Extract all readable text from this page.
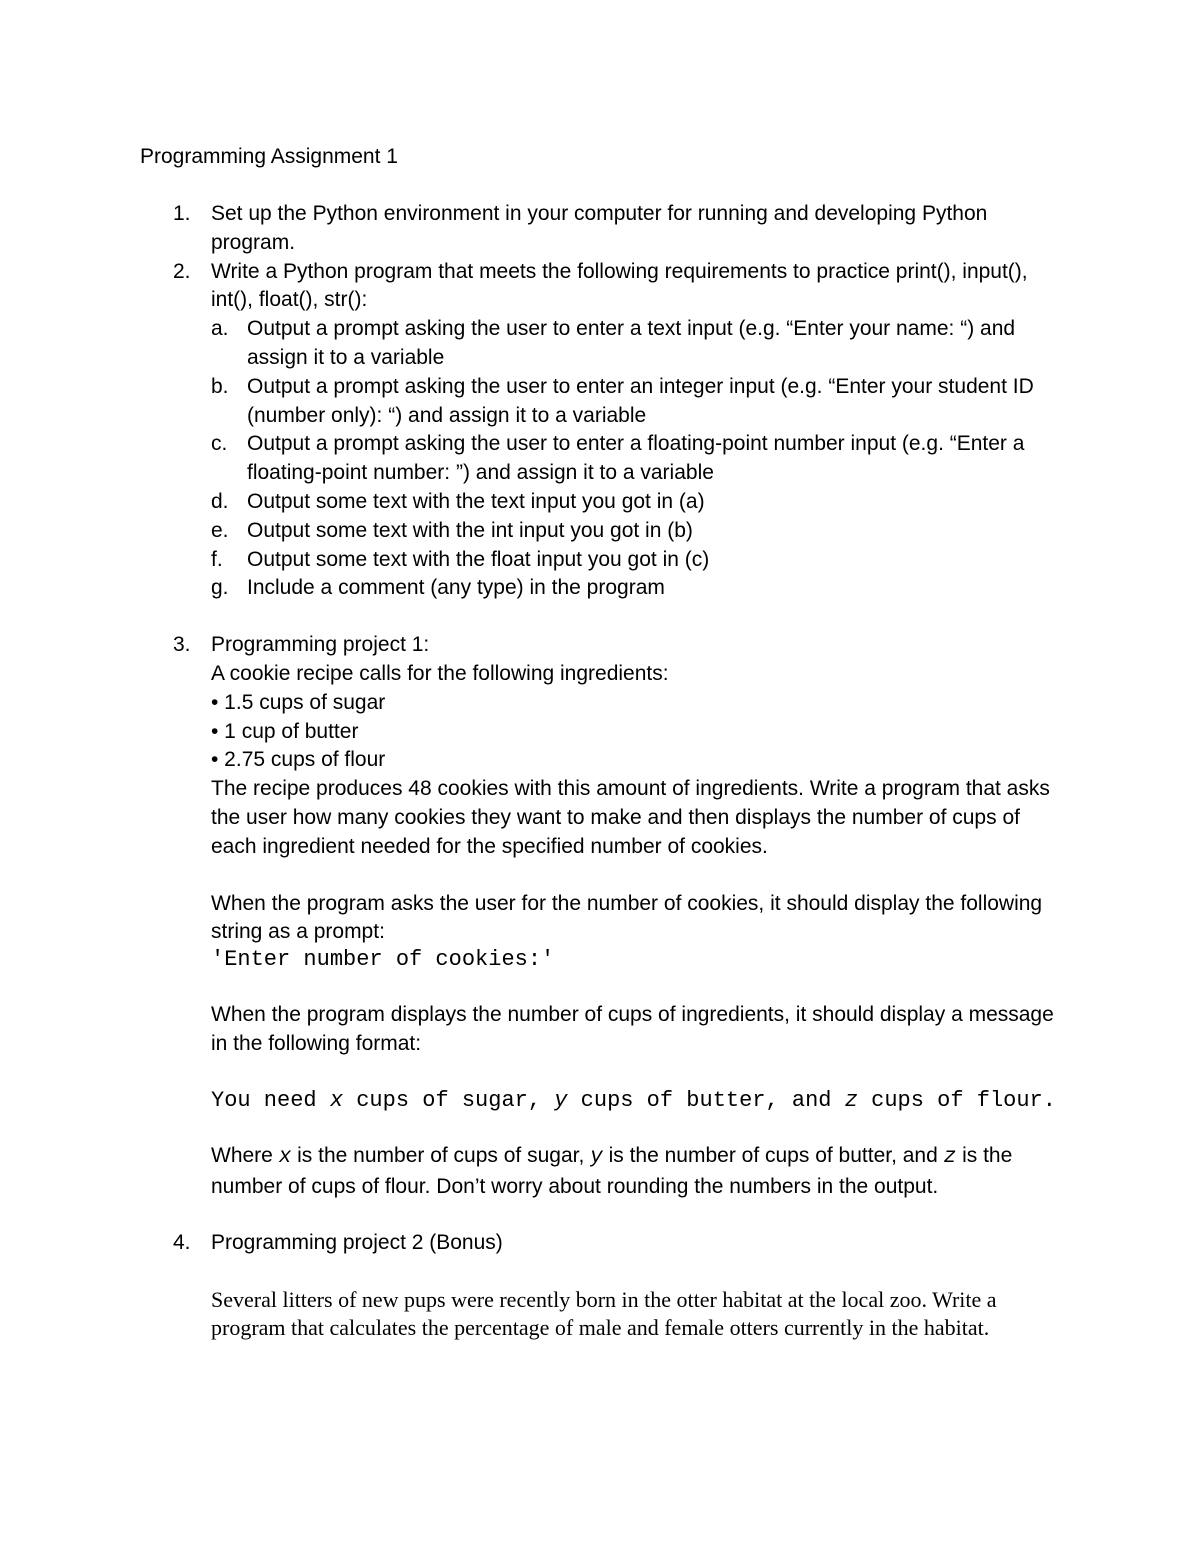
Programming Assignment 1
1. Set up the Python environment in your computer for running and developing Python program.
2. Write a Python program that meets the following requirements to practice print(), input(), int(), float(), str():
a. Output a prompt asking the user to enter a text input (e.g. “Enter your name: “) and assign it to a variable
b. Output a prompt asking the user to enter an integer input (e.g. “Enter your student ID (number only): “) and assign it to a variable
c. Output a prompt asking the user to enter a floating-point number input (e.g. “Enter a floating-point number: ”) and assign it to a variable
d. Output some text with the text input you got in (a)
e. Output some text with the int input you got in (b)
f.	Output some text with the float input you got in (c)
g. Include a comment (any type) in the program
3. Programming project 1:
A cookie recipe calls for the following ingredients:
• 1.5 cups of sugar
• 1 cup of butter
• 2.75 cups of flour
The recipe produces 48 cookies with this amount of ingredients. Write a program that asks the user how many cookies they want to make and then displays the number of cups of each ingredient needed for the specified number of cookies.
When the program asks the user for the number of cookies, it should display the following string as a prompt:
'Enter number of cookies:'
When the program displays the number of cups of ingredients, it should display a message in the following format:
You need x cups of sugar, y cups of butter, and z cups of flour.
Where x is the number of cups of sugar, y is the number of cups of butter, and z is the number of cups of flour. Don’t worry about rounding the numbers in the output.
4. Programming project 2 (Bonus)
Several litters of new pups were recently born in the otter habitat at the local zoo. Write a program that calculates the percentage of male and female otters currently in the habitat.
